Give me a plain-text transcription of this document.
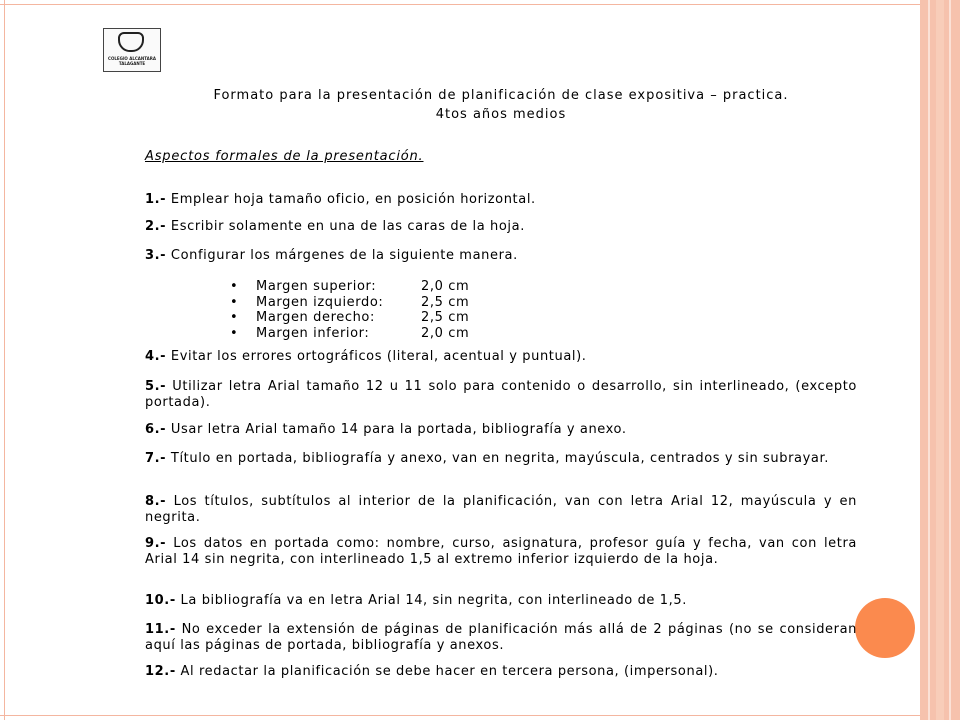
COLEGIO ALCANTARA TALAGANTE
Formato para la presentación de planificación de clase expositiva – practica.
4tos años medios
Aspectos formales de la presentación.
1.- Emplear hoja tamaño oficio, en posición horizontal.
2.- Escribir solamente en una de las caras de la hoja.
3.- Configurar los márgenes de la siguiente manera.
•	Margen superior:	2,0 cm
•	Margen izquierdo:	2,5 cm
•	Margen derecho:	2,5 cm
•	Margen inferior:	2,0 cm
4.- Evitar los errores ortográficos (literal, acentual y puntual).
5.- Utilizar letra Arial tamaño 12 u 11 solo para contenido o desarrollo, sin interlineado, (excepto portada).
6.- Usar letra Arial tamaño 14 para la portada, bibliografía y anexo.
7.- Título en portada, bibliografía y anexo, van en negrita, mayúscula, centrados y sin subrayar.
8.- Los títulos, subtítulos al interior de la planificación, van con letra Arial 12, mayúscula y en negrita.
9.- Los datos en portada como: nombre, curso, asignatura, profesor guía y fecha, van con letra Arial 14 sin negrita, con interlineado 1,5 al extremo inferior izquierdo de la hoja.
10.- La bibliografía va en letra Arial 14, sin negrita, con interlineado de 1,5.
11.- No exceder la extensión de páginas de planificación más allá de 2 páginas (no se consideran aquí las páginas de portada, bibliografía y anexos.
12.- Al redactar la planificación se debe hacer en tercera persona, (impersonal).
